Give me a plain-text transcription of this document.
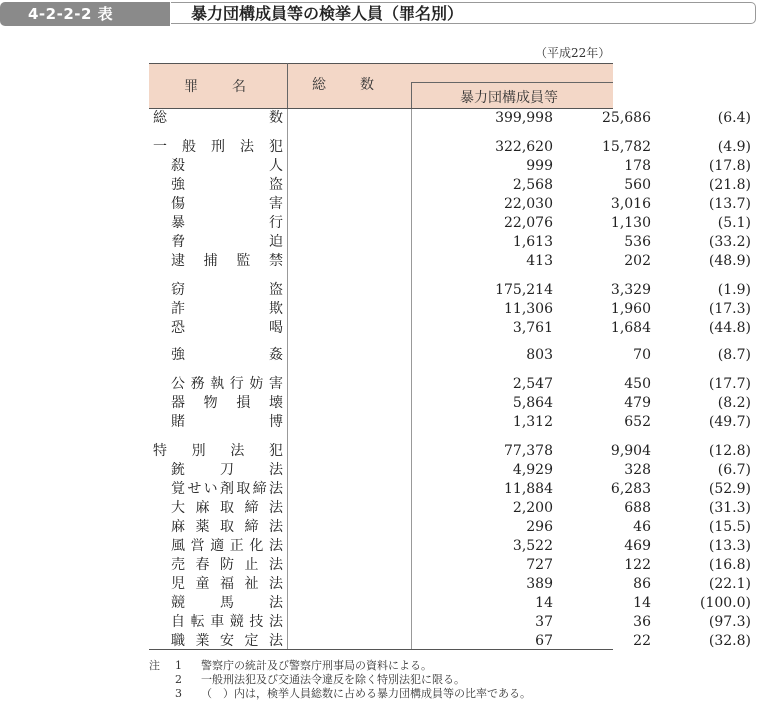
4-2-2-2 表	暴力団構成員等の検挙人員（罪名別）
（平成22年）
罪　　名	総　　数
暴力団構成員等
総	数	399,998	25,686	(6.4)
一 般 刑 法 犯	322,620	15,782	(4.9)
殺	人	999	178	(17.8)
強	盗	2,568	560	(21.8)
傷	害	22,030	3,016	(13.7)
暴	行	22,076	1,130	(5.1)
脅	迫	1,613	536	(33.2)
逮 捕 監 禁	413	202	(48.9)
窃	盗	175,214	3,329	(1.9)
詐	欺	11,306	1,960	(17.3)
恐	喝	3,761	1,684	(44.8)
強	姦	803	70	(8.7)
公 務 執 行 妨 害	2,547	450	(17.7)
器 物 損 壊	5,864	479	(8.2)
賭	博	1,312	652	(49.7)
特 別 法 犯	77,378	9,904	(12.8)
銃	刀	法	4,929	328	(6.7)
覚 せ い 剤 取 締 法	11,884	6,283	(52.9)
大 麻 取 締 法	2,200	688	(31.3)
麻 薬 取 締 法	296	46	(15.5)
風 営 適 正 化 法	3,522	469	(13.3)
売 春 防 止 法	727	122	(16.8)
児 童 福 祉 法	389	86	(22.1)
競	馬	法	14	14	(100.0)
自 転 車 競 技 法	37	36	(97.3)
職 業 安 定 法	67	22	(32.8)
注	1	警察庁の統計及び警察庁刑事局の資料による。
2	一般刑法犯及び交通法令違反を除く特別法犯に限る。
3	（　）内は，検挙人員総数に占める暴力団構成員等の比率である。
